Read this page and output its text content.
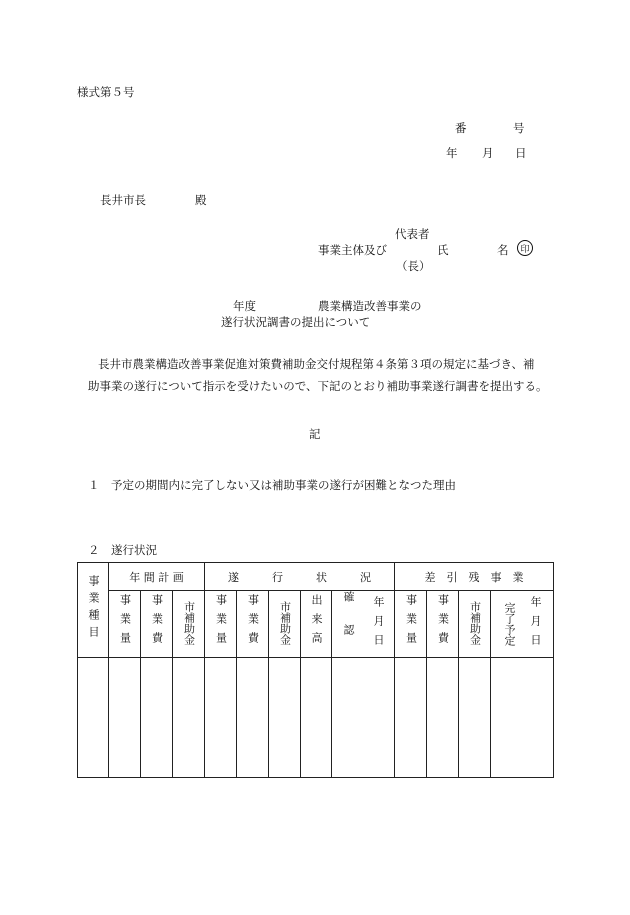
様式第５号
番	号
年 月 日
長井市長	殿
代表者
事業主体及び	氏	名 印
（長）
年度	農業構造改善事業の
遂行状況調書の提出について
長井市農業構造改善事業促進対策費補助金交付規程第４条第３項の規定に基づき、補
助事業の遂行について指示を受けたいので、下記のとおり補助事業遂行調書を提出する。
記
１　予定の期間内に完了しない又は補助事業の遂行が困難となつた理由
２　遂行状況
事業種目	年 間 計 画			遂　　　行　　　状　　　況					差　引　残　事　業			
	事業量	事業費	市補助金	事業量	事業費	市補助金	出来高	確認 年月日	事業量	事業費	市補助金	完了予定 年月日
